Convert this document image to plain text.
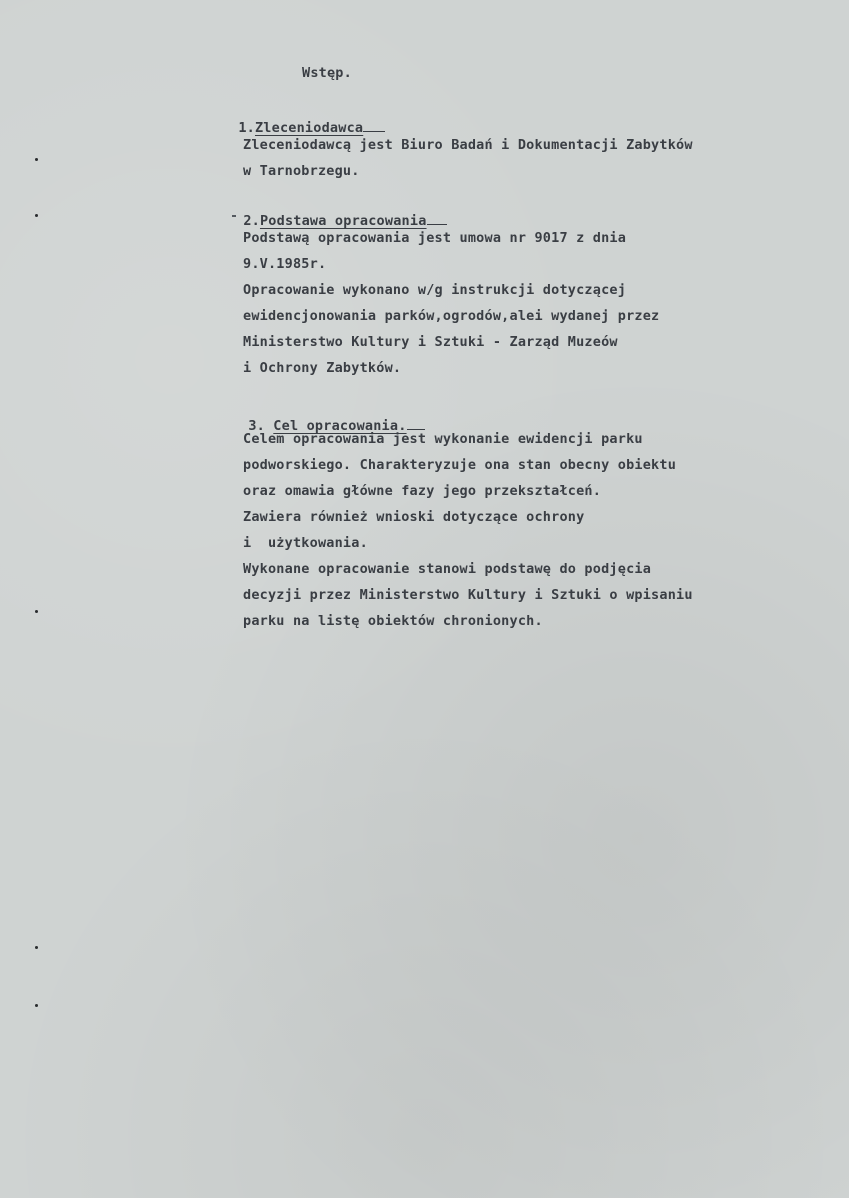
Wstęp.

1.Zleceniodawca

Zleceniodawcą jest Biuro Badań i Dokumentacji Zabytków
w Tarnobrzegu.

2.Podstawa opracowania

Podstawą opracowania jest umowa nr 9017 z dnia
9.V.1985r.
Opracowanie wykonano w/g instrukcji dotyczącej
ewidencjonowania parków,ogrodów,alei wydanej przez
Ministerstwo Kultury i Sztuki - Zarząd Muzeów
i Ochrony Zabytków.

3. Cel opracowania.

Celem opracowania jest wykonanie ewidencji parku
podworskiego. Charakteryzuje ona stan obecny obiektu
oraz omawia główne fazy jego przekształceń.
Zawiera również wnioski dotyczące ochrony
i  użytkowania.
Wykonane opracowanie stanowi podstawę do podjęcia
decyzji przez Ministerstwo Kultury i Sztuki o wpisaniu
parku na listę obiektów chronionych.
